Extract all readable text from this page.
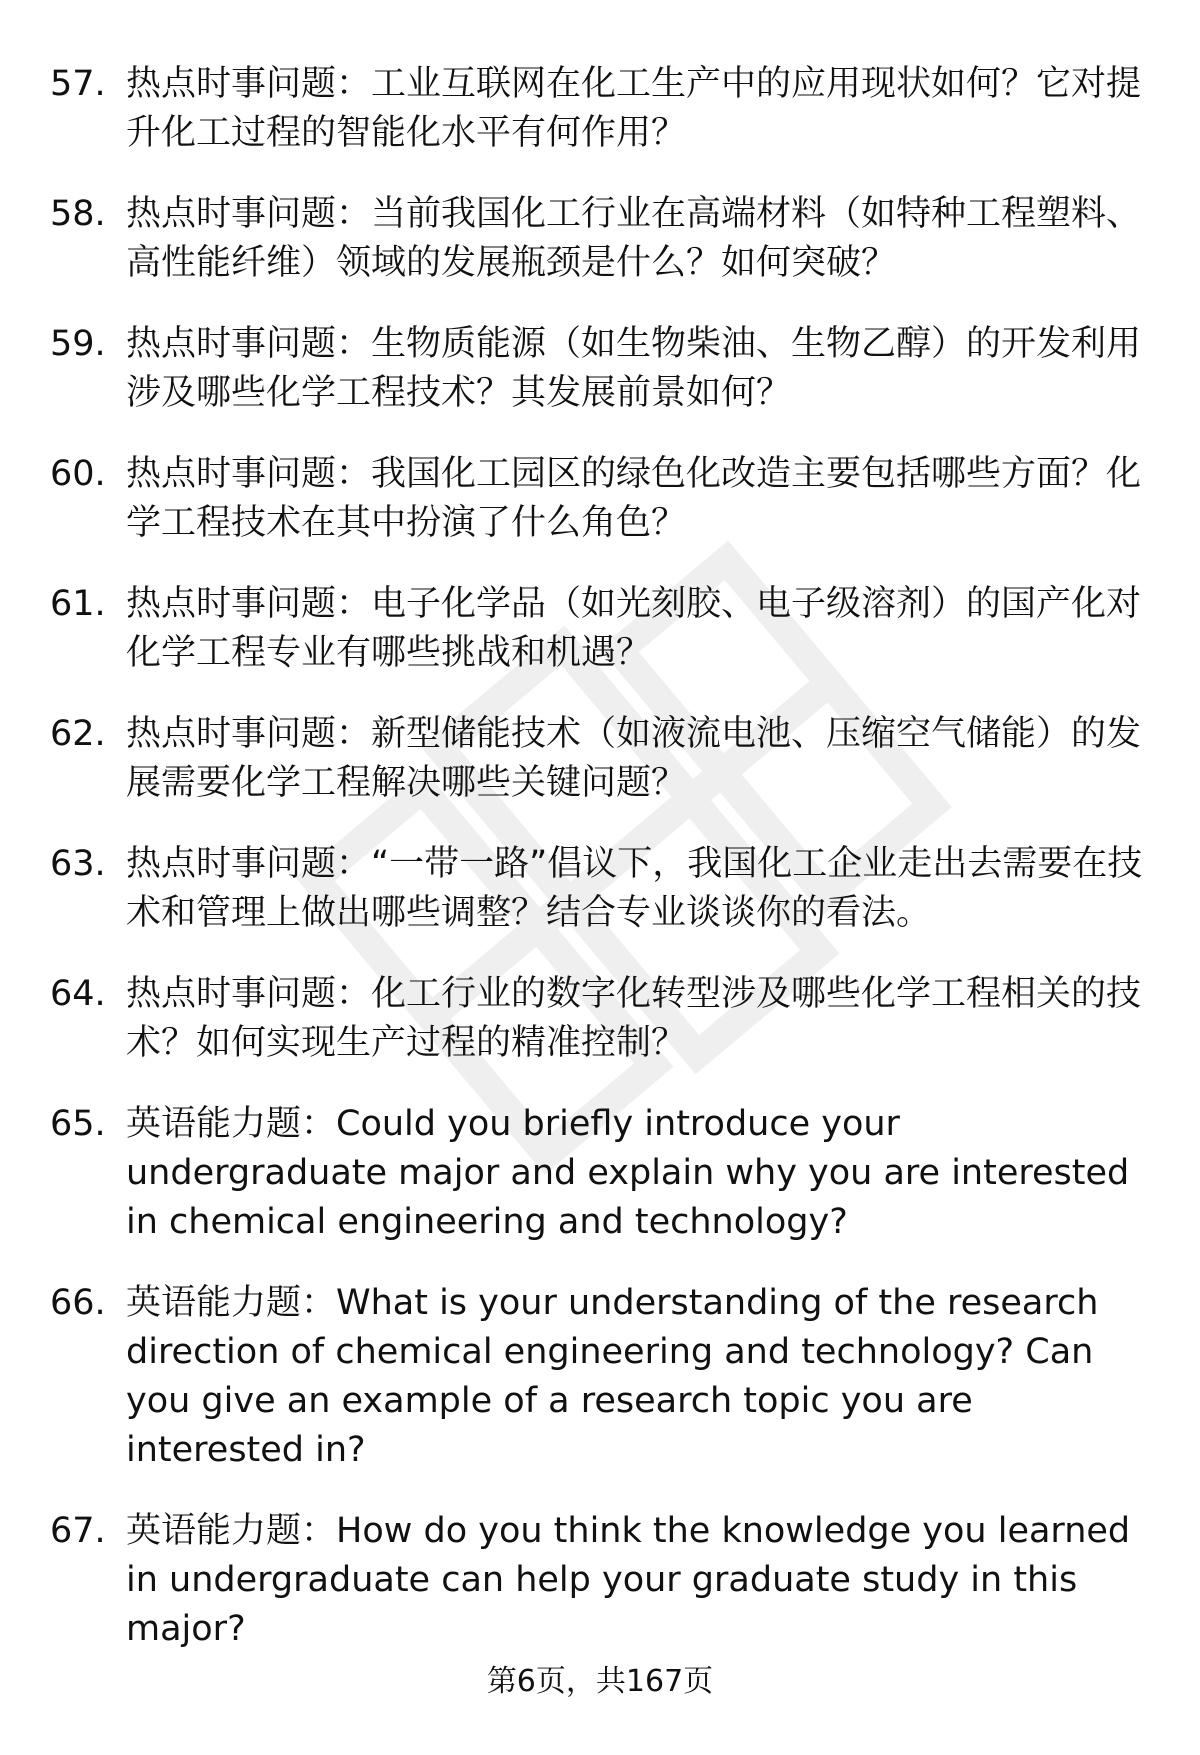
57. 热点时事问题：工业互联网在化工生产中的应用现状如何？它对提升化工过程的智能化水平有何作用？
58. 热点时事问题：当前我国化工行业在高端材料（如特种工程塑料、高性能纤维）领域的发展瓶颈是什么？如何突破？
59. 热点时事问题：生物质能源（如生物柴油、生物乙醇）的开发利用涉及哪些化学工程技术？其发展前景如何？
60. 热点时事问题：我国化工园区的绿色化改造主要包括哪些方面？化学工程技术在其中扮演了什么角色？
61. 热点时事问题：电子化学品（如光刻胶、电子级溶剂）的国产化对化学工程专业有哪些挑战和机遇？
62. 热点时事问题：新型储能技术（如液流电池、压缩空气储能）的发展需要化学工程解决哪些关键问题？
63. 热点时事问题：“一带一路”倡议下，我国化工企业走出去需要在技术和管理上做出哪些调整？结合专业谈谈你的看法。
64. 热点时事问题：化工行业的数字化转型涉及哪些化学工程相关的技术？如何实现生产过程的精准控制？
65. 英语能力题：Could you briefly introduce your undergraduate major and explain why you are interested in chemical engineering and technology?
66. 英语能力题：What is your understanding of the research direction of chemical engineering and technology? Can you give an example of a research topic you are interested in?
67. 英语能力题：How do you think the knowledge you learned in undergraduate can help your graduate study in this major?
第6页，共167页
